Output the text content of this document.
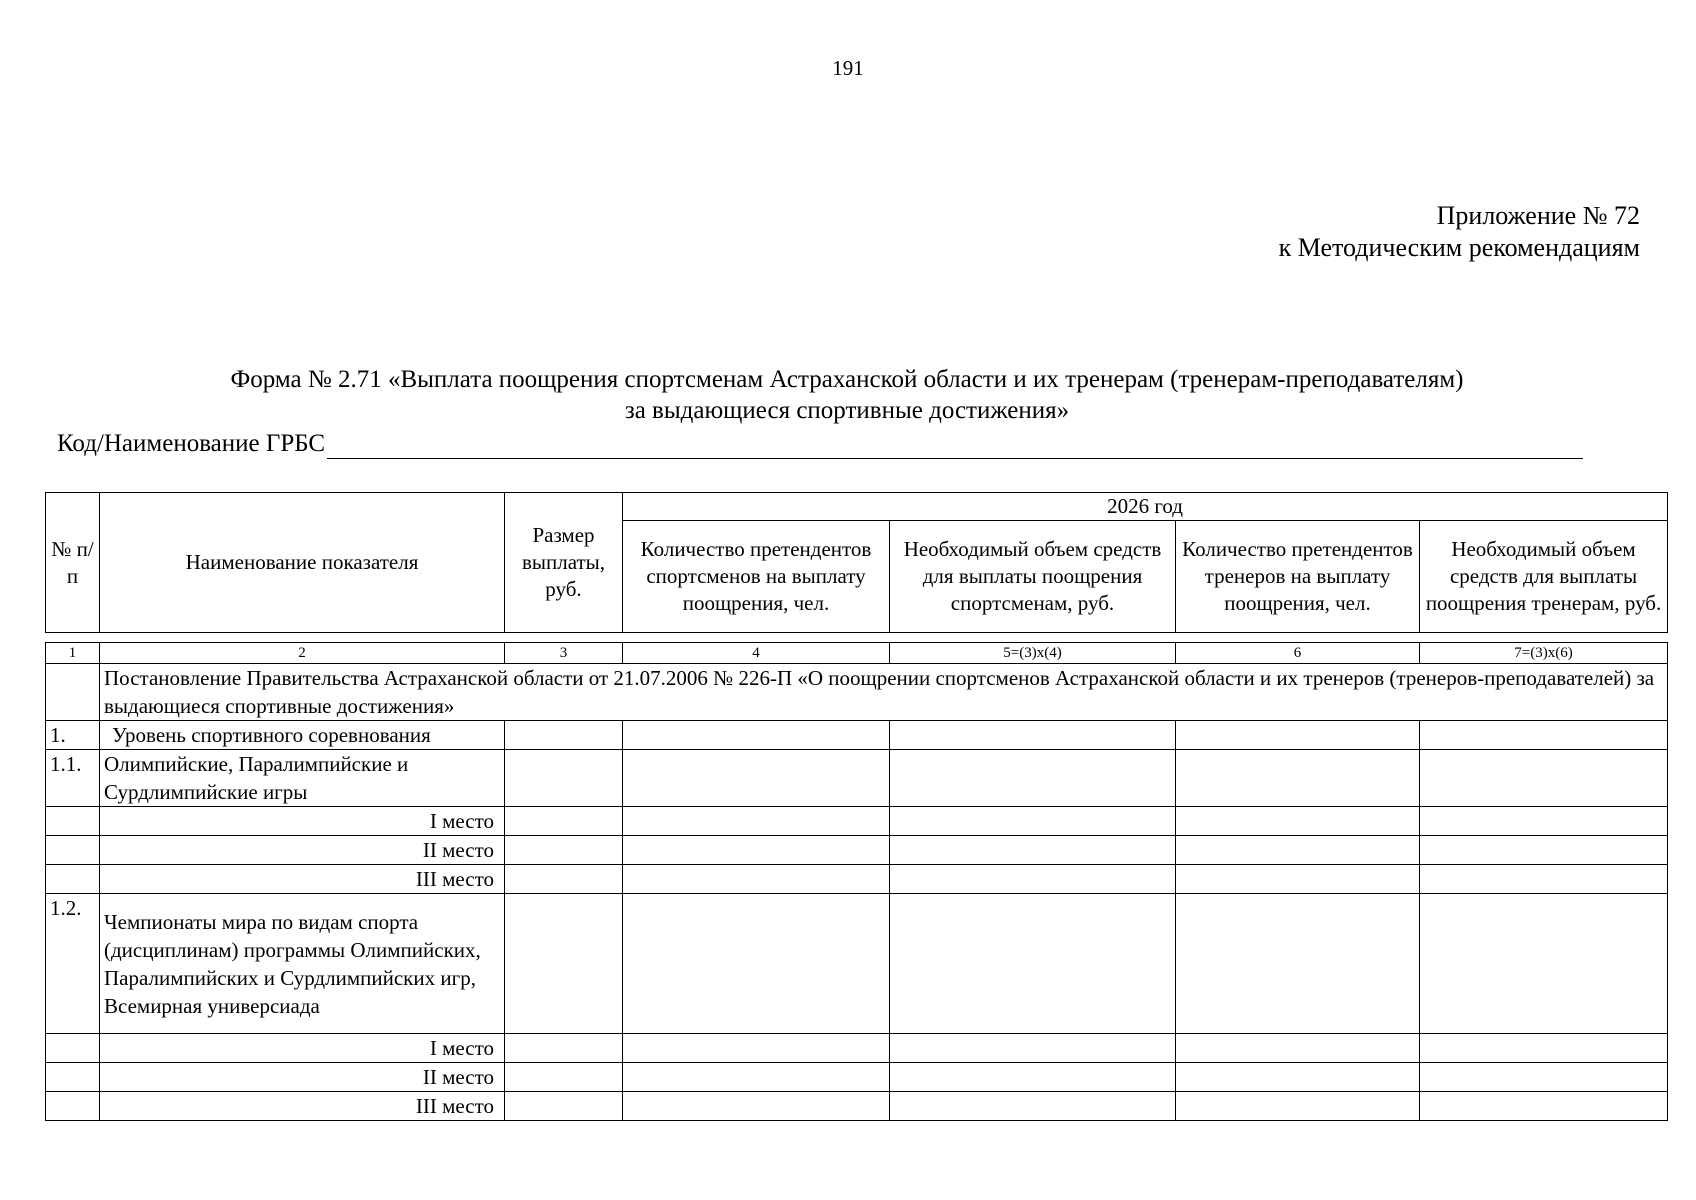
191
Приложение № 72
к Методическим рекомендациям
Форма № 2.71 «Выплата поощрения спортсменам Астраханской области и их тренерам (тренерам-преподавателям)
за выдающиеся спортивные достижения»
Код/Наименование ГРБС
№ п/п	Наименование показателя	Размер выплаты, руб.	2026 год			
			Количество претендентов спортсменов на выплату поощрения, чел.	Необходимый объем средств для выплаты поощрения спортсменам, руб.	Количество претендентов тренеров на выплату поощрения, чел.	Необходимый объем средств для выплаты поощрения тренерам, руб.
1	2	3	4	5=(3)x(4)	6	7=(3)x(6)
	Постановление Правительства Астраханской области от 21.07.2006 № 226-П «О поощрении спортсменов Астраханской области и их тренеров (тренеров-преподавателей) за выдающиеся спортивные достижения»					
1.	Уровень спортивного соревнования					
1.1.	Олимпийские, Паралимпийские и Сурдлимпийские игры					
	I место					
	II место					
	III место					
1.2.	Чемпионаты мира по видам спорта (дисциплинам) программы Олимпийских, Паралимпийских и Сурдлимпийских игр, Всемирная универсиада					
	I место					
	II место					
	III место					
